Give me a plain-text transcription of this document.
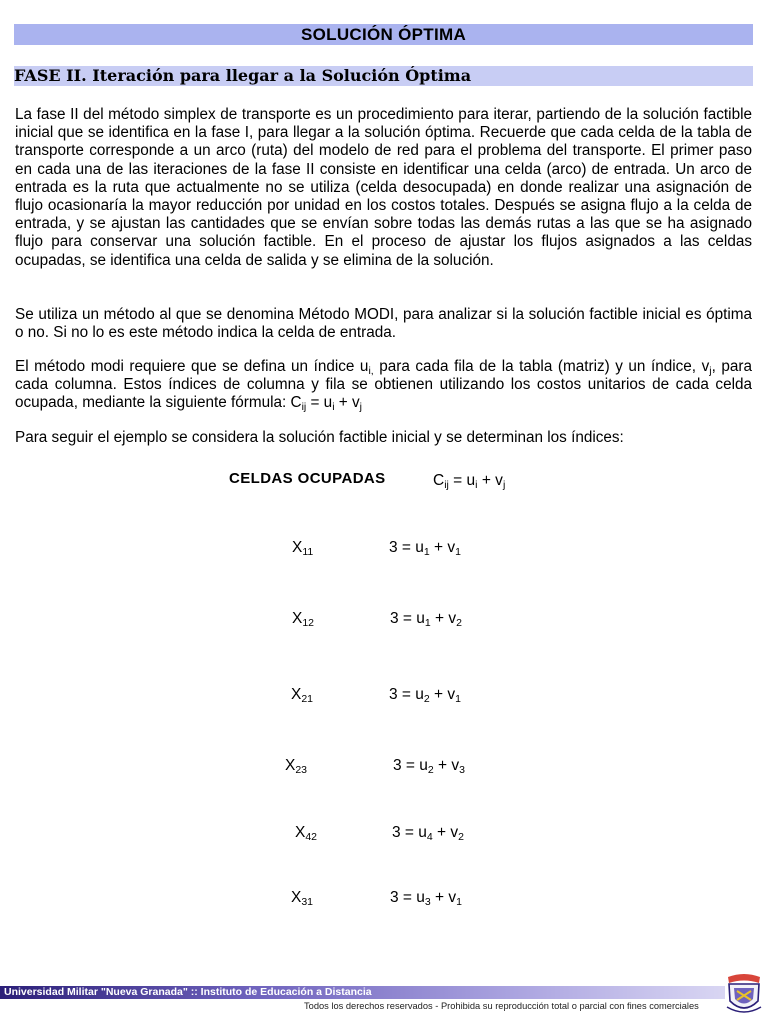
SOLUCIÓN ÓPTIMA
FASE II. Iteración para llegar a la Solución Óptima

La fase II del método simplex de transporte es un procedimiento para iterar, partiendo de la solución factible inicial que se identifica en la fase I, para llegar a la solución óptima. Recuerde que cada celda de la tabla de transporte corresponde a un arco (ruta) del modelo de red para el problema del transporte. El primer paso en cada una de las iteraciones de la fase II consiste en identificar una celda (arco) de entrada. Un arco de entrada es la ruta que actualmente no se utiliza (celda desocupada) en donde realizar una asignación de flujo ocasionaría la mayor reducción por unidad en los costos totales. Después se asigna flujo a la celda de entrada, y se ajustan las cantidades que se envían sobre todas las demás rutas a las que se ha asignado flujo para conservar una solución factible. En el proceso de ajustar los flujos asignados a las celdas ocupadas, se identifica una celda de salida y se elimina de la solución.

Se utiliza un método al que se denomina Método MODI, para analizar si la solución factible inicial es óptima o no. Si no lo es este método indica la celda de entrada.

El método modi requiere que se defina un índice $u_{i,}$ para cada fila de la tabla (matriz) y un índice, $v_j$, para cada columna. Estos índices de columna y fila se obtienen utilizando los costos unitarios de cada celda ocupada, mediante la siguiente fórmula: $C_{ij} = u_i + v_j$

Para seguir el ejemplo se considera la solución factible inicial y se determinan los índices:

CELDAS OCUPADAS	$C_{ij} = u_i + v_j$
$X_{11}$	$3 = u_1 + v_1$
$X_{12}$	$3 = u_1 + v_2$
$X_{21}$	$3 = u_2 + v_1$
$X_{23}$	$3 = u_2 + v_3$
$X_{42}$	$3 = u_4 + v_2$
$X_{31}$	$3 = u_3 + v_1$
Universidad Militar "Nueva Granada" :: Instituto de Educación a Distancia
Todos los derechos reservados - Prohibida su reproducción total o parcial con fines comerciales
